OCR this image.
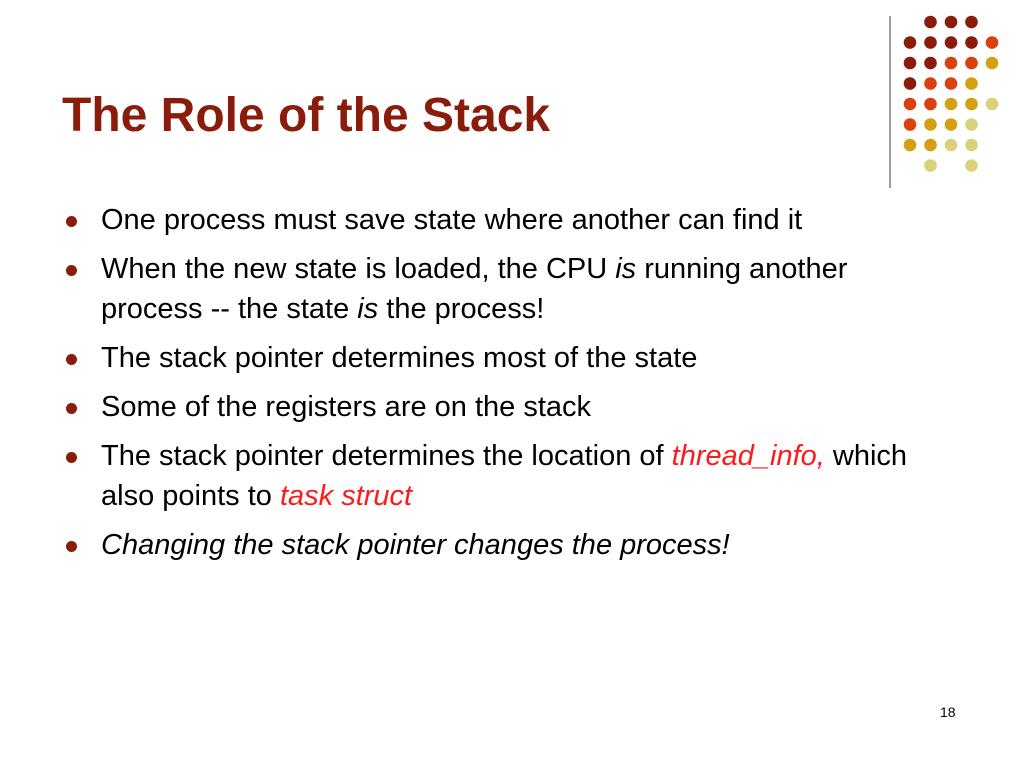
The Role of the Stack
One process must save state where another can find it
When the new state is loaded, the CPU is running another process -- the state is the process!
The stack pointer determines most of the state
Some of the registers are on the stack
The stack pointer determines the location of thread_info, which also points to task struct
Changing the stack pointer changes the process!
18
